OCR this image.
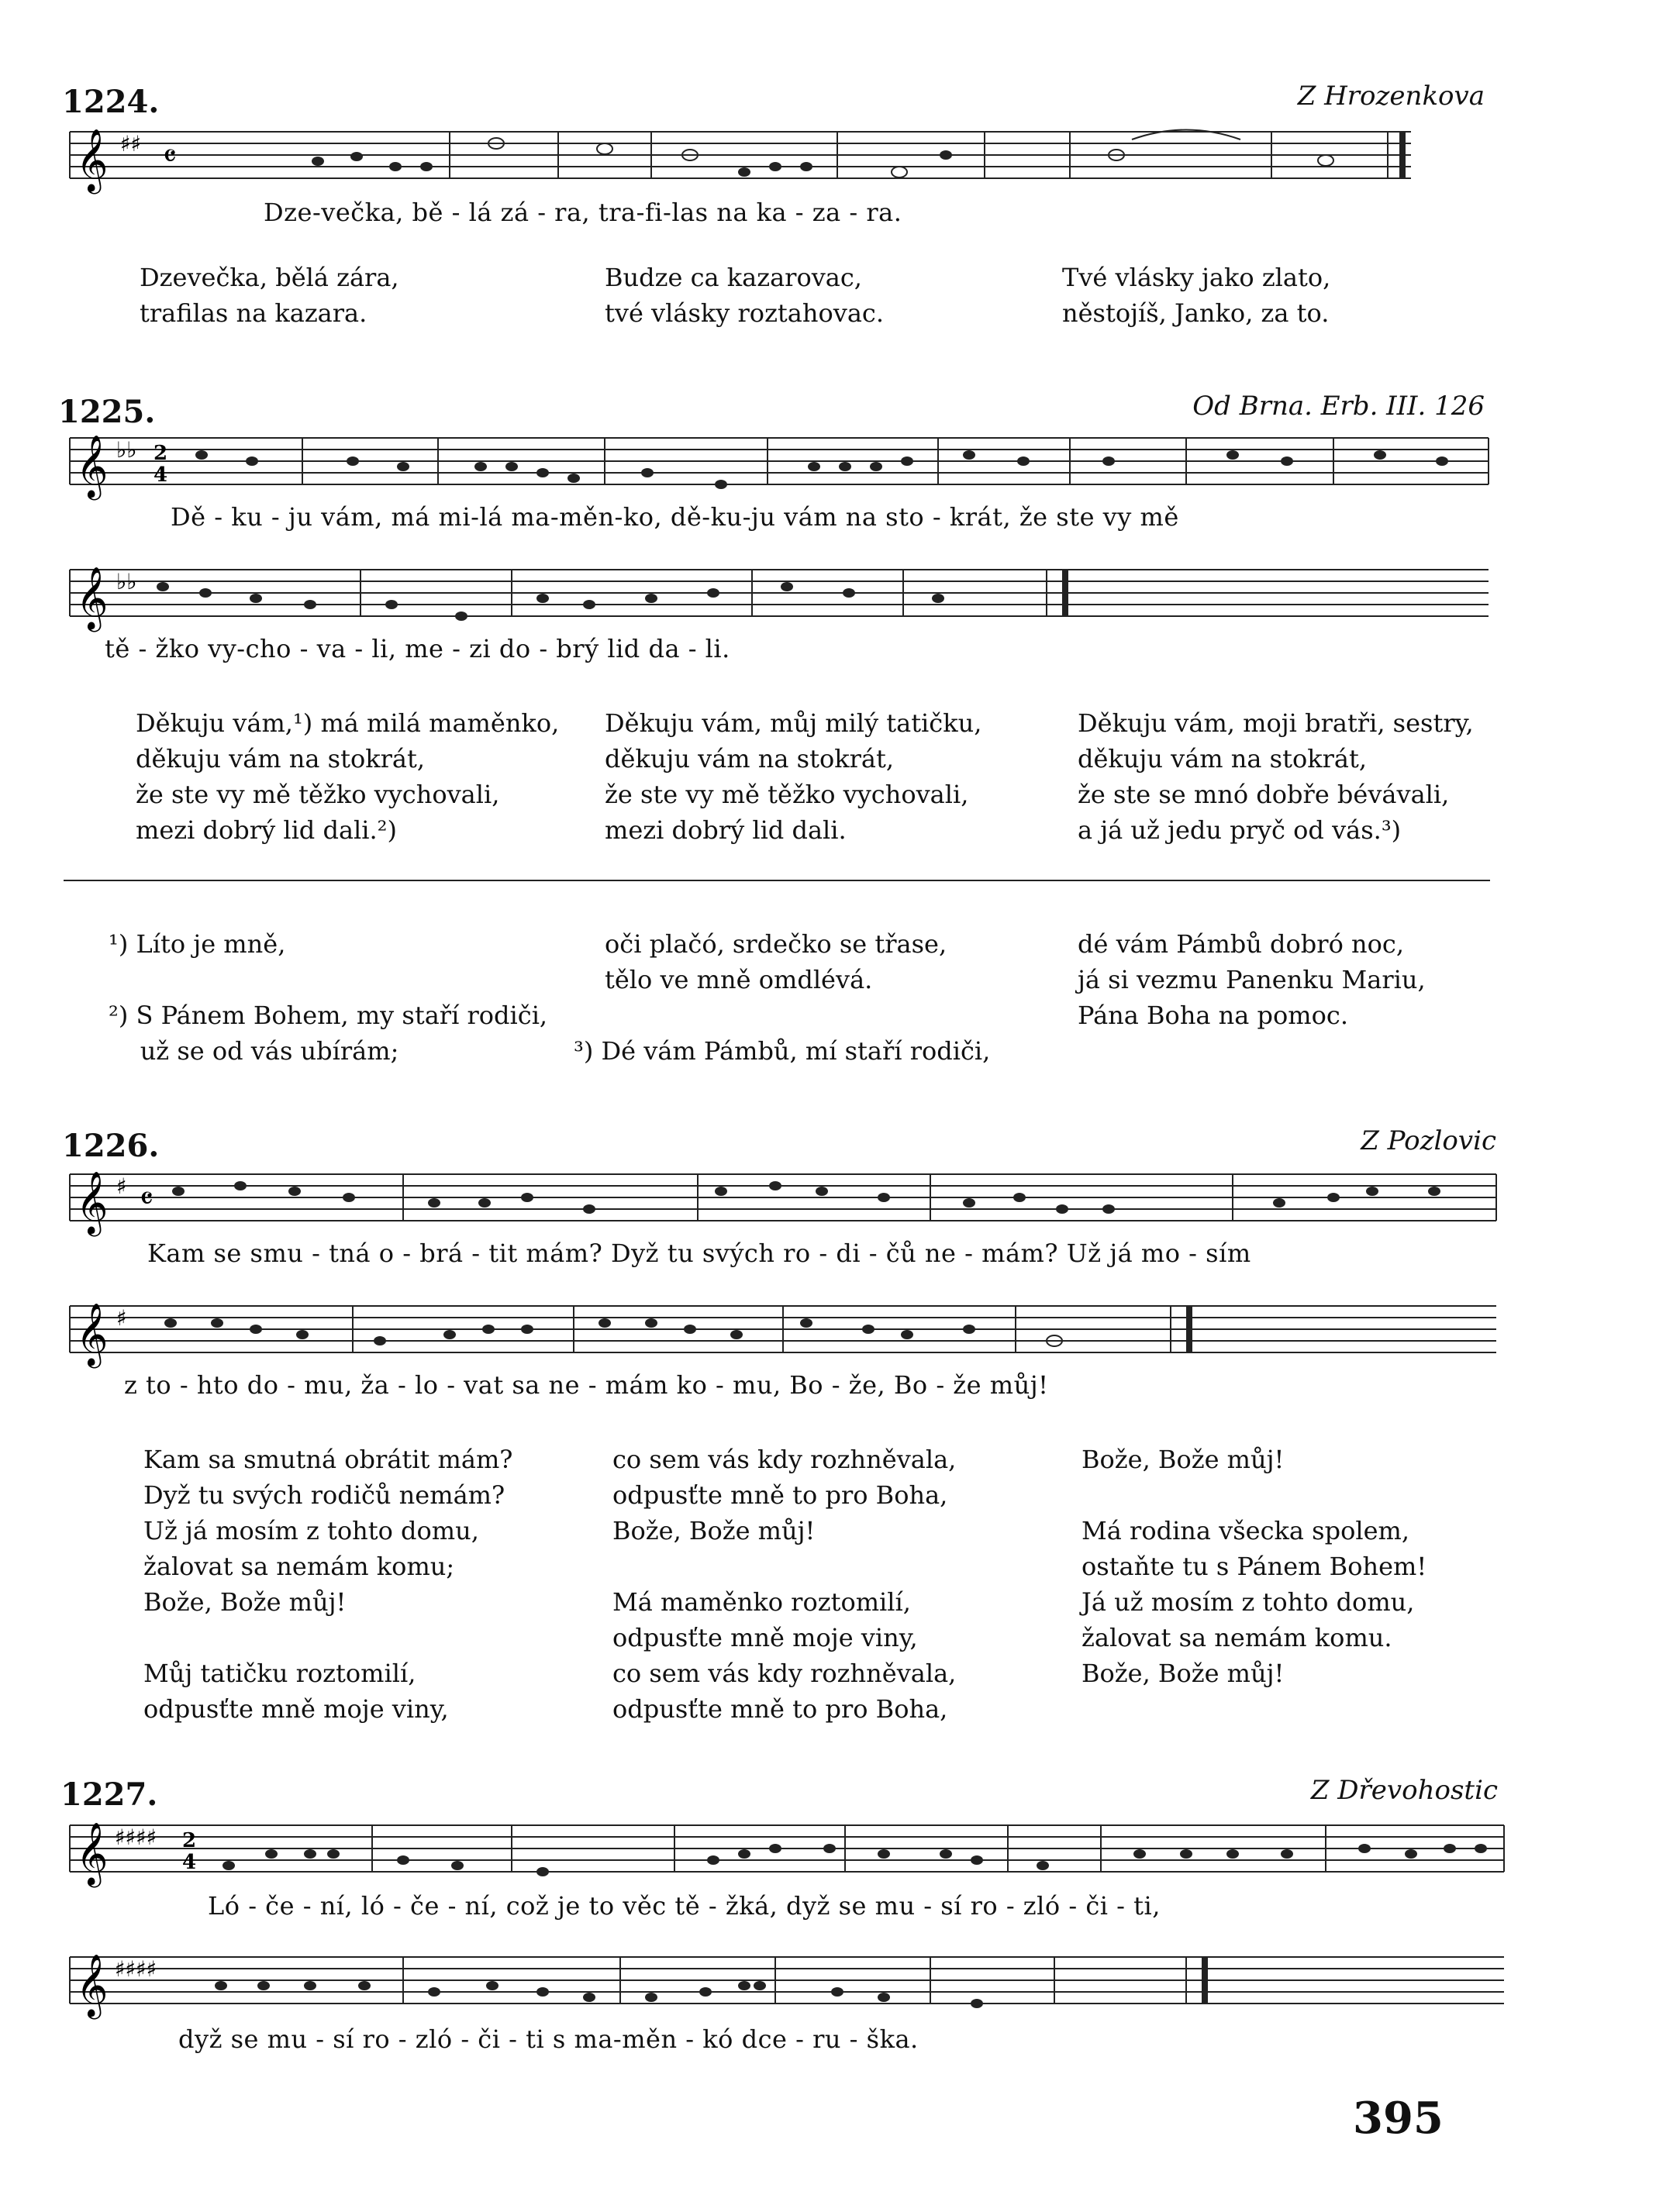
1224.	Z Hrozenkova
𝄞 ♯♯ 𝄴
Dze-večka, bě - lá zá - ra, tra-fi-las na ka - za - ra.
Dzevečka, bělá zára,
trafilas na kazara.
Budze ca kazarovac,
tvé vlásky roztahovac.
Tvé vlásky jako zlato,
něstojíš, Janko, za to.
1225.	Od Brna. Erb. III. 126
𝄞 ♭♭ 2
4
Dě - ku - ju vám, má mi-lá ma-měn-ko, dě-ku-ju vám na sto - krát, že ste vy mě
𝄞 ♭♭
tě - žko vy-cho - va - li, me - zi do - brý lid da - li.
Děkuju vám,¹) má milá maměnko,
děkuju vám na stokrát,
že ste vy mě těžko vychovali,
mezi dobrý lid dali.²)
Děkuju vám, můj milý tatičku,
děkuju vám na stokrát,
že ste vy mě těžko vychovali,
mezi dobrý lid dali.
Děkuju vám, moji bratři, sestry,
děkuju vám na stokrát,
že ste se mnó dobře bévávali,
a já už jedu pryč od vás.³)
¹) Líto je mně,
²) S Pánem Bohem, my staří rodiči,
už se od vás ubírám;
oči plačó, srdečko se třase,
tělo ve mně omdlévá.
³) Dé vám Pámbů, mí staří rodiči,
dé vám Pámbů dobró noc,
já si vezmu Panenku Mariu,
Pána Boha na pomoc.
1226.	Z Pozlovic
𝄞 ♯ 𝄴
Kam se smu - tná o - brá - tit mám? Dyž tu svých ro - di - čů ne - mám? Už já mo - sím
𝄞 ♯
z to - hto do - mu, ža - lo - vat sa ne - mám ko - mu, Bo - že, Bo - že můj!
Kam sa smutná obrátit mám?
Dyž tu svých rodičů nemám?
Už já mosím z tohto domu,
žalovat sa nemám komu;
Bože, Bože můj!
Můj tatičku roztomilí,
odpusťte mně moje viny,
co sem vás kdy rozhněvala,
odpusťte mně to pro Boha,
Bože, Bože můj!
Má maměnko roztomilí,
odpusťte mně moje viny,
co sem vás kdy rozhněvala,
odpusťte mně to pro Boha,
Bože, Bože můj!
Má rodina všecka spolem,
ostaňte tu s Pánem Bohem!
Já už mosím z tohto domu,
žalovat sa nemám komu.
Bože, Bože můj!
1227.	Z Dřevohostic
𝄞 ♯♯♯♯ 2
4
Ló - če - ní, ló - če - ní, což je to věc tě - žká, dyž se mu - sí ro - zló - či - ti,
𝄞 ♯♯♯♯
dyž se mu - sí ro - zló - či - ti s ma-měn - kó dce - ru - ška.
395
